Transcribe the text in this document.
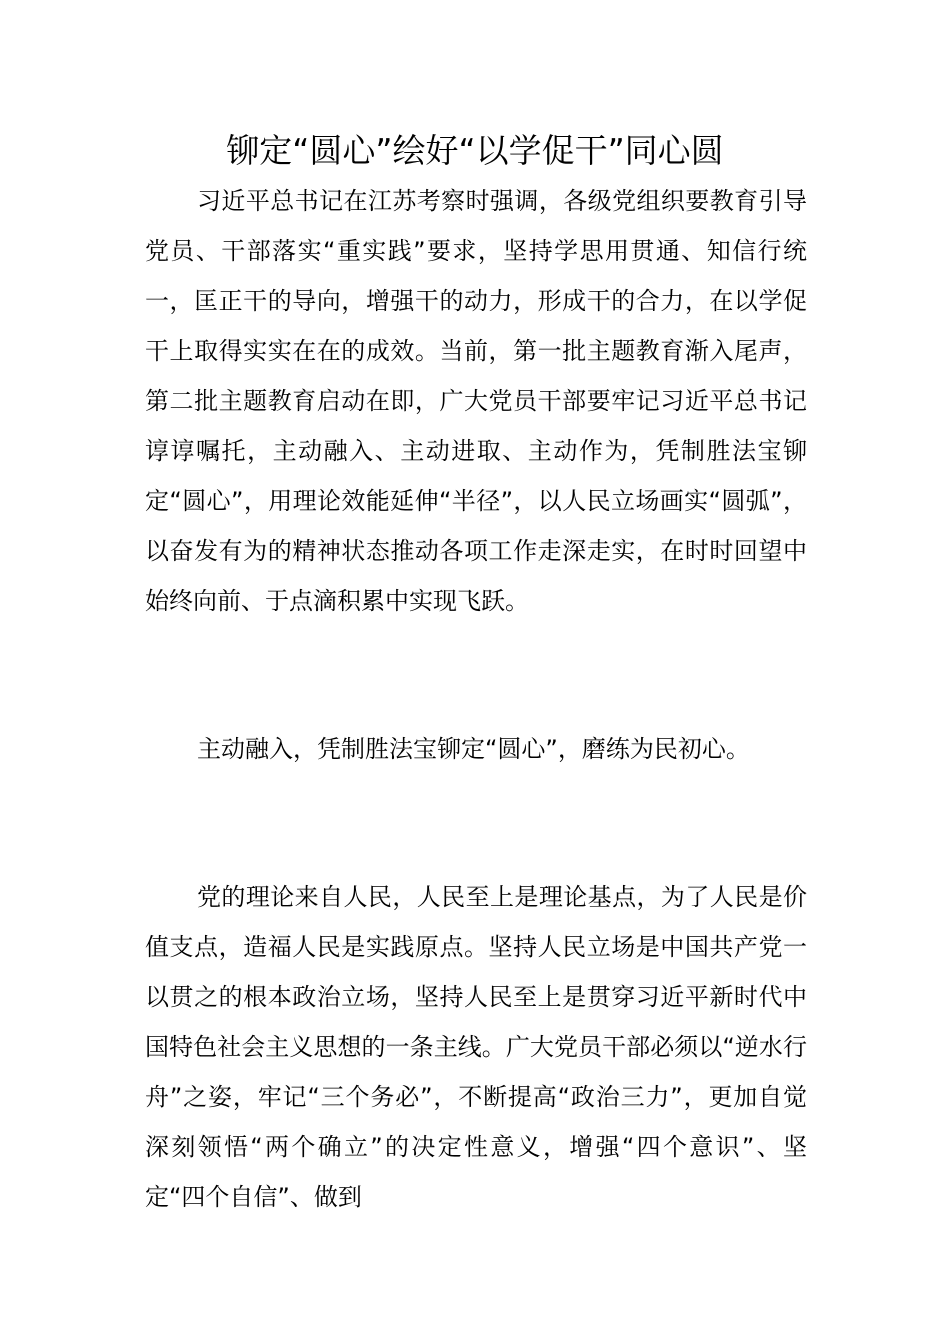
铆定“圆心”绘好“以学促干”同心圆

习近平总书记在江苏考察时强调，各级党组织要教育引导党员、干部落实“重实践”要求，坚持学思用贯通、知信行统一，匡正干的导向，增强干的动力，形成干的合力，在以学促干上取得实实在在的成效。当前，第一批主题教育渐入尾声，第二批主题教育启动在即，广大党员干部要牢记习近平总书记谆谆嘱托，主动融入、主动进取、主动作为，凭制胜法宝铆定“圆心”，用理论效能延伸“半径”，以人民立场画实“圆弧”，以奋发有为的精神状态推动各项工作走深走实，在时时回望中始终向前、于点滴积累中实现飞跃。

主动融入，凭制胜法宝铆定“圆心”，磨练为民初心。

党的理论来自人民，人民至上是理论基点，为了人民是价值支点，造福人民是实践原点。坚持人民立场是中国共产党一以贯之的根本政治立场，坚持人民至上是贯穿习近平新时代中国特色社会主义思想的一条主线。广大党员干部必须以“逆水行舟”之姿，牢记“三个务必”，不断提高“政治三力”，更加自觉深刻领悟“两个确立”的决定性意义，增强“四个意识”、坚定“四个自信”、做到
